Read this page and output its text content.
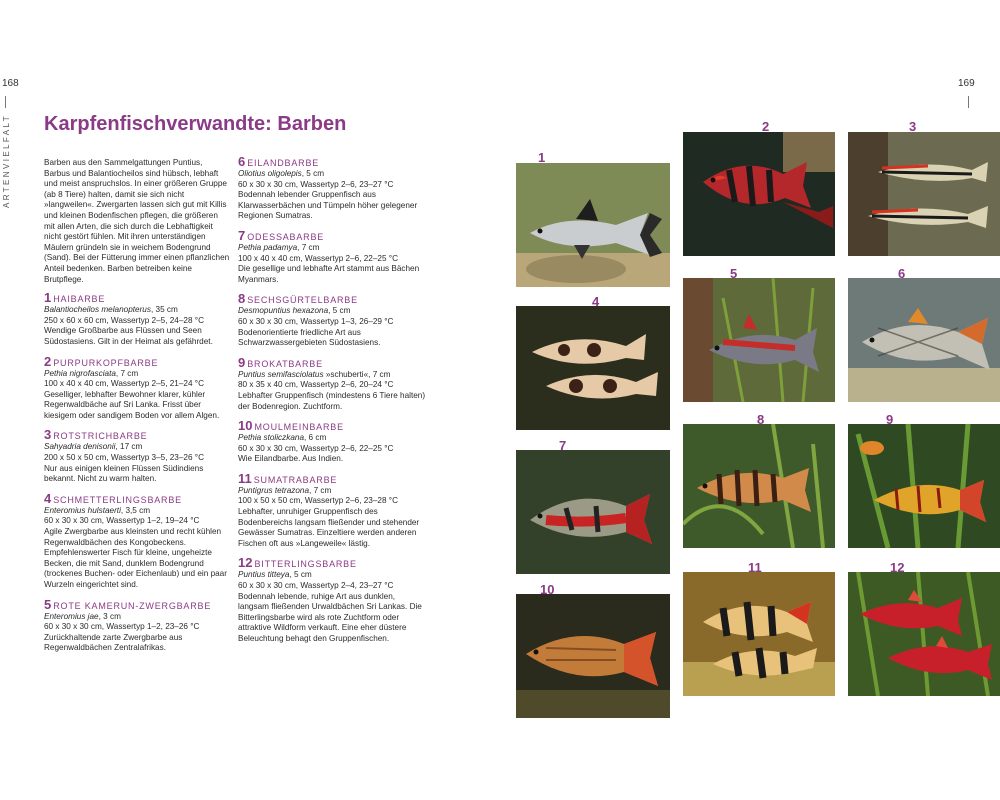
168	169
ARTENVIELFALT Karpfenfischverwandte: Barben

Barben aus den Sammelgattungen Puntius, Barbus und Balantiocheilos sind hübsch, lebhaft und meist anspruchslos. In einer größeren Gruppe (ab 8 Tiere) halten, damit sie sich nicht »langweilen«. Zwergarten lassen sich gut mit Killis und kleinen Bodenfischen pflegen, die größeren mit allen Arten, die sich durch die Lebhaftigkeit nicht gestört fühlen. Mit ihren unterständigen Mäulern gründeln sie in weichem Bodengrund (Sand). Bei der Fütterung immer einen pflanzlichen Anteil bedenken. Barben betreiben keine Brutpflege.

1 HAIBARBE
Balantiocheilos melanopterus, 35 cm
250 x 60 x 60 cm, Wassertyp 2–5, 24–28 °C
Wendige Großbarbe aus Flüssen und Seen Südostasiens. Gilt in der Heimat als gefährdet.
2 PURPURKOPFBARBE
Pethia nigrofasciata, 7 cm
100 x 40 x 40 cm, Wassertyp 2–5, 21–24 °C
Geselliger, lebhafter Bewohner klarer, kühler Regenwaldbäche auf Sri Lanka. Frisst über kiesigem oder sandigem Boden vor allem Algen.
3 ROTSTRICHBARBE
Sahyadria denisonii, 17 cm
200 x 50 x 50 cm, Wassertyp 3–5, 23–26 °C
Nur aus einigen kleinen Flüssen Südindiens bekannt. Nicht zu warm halten.
4 SCHMETTERLINGSBARBE
Enteromius hulstaerti, 3,5 cm
60 x 30 x 30 cm, Wassertyp 1–2, 19–24 °C
Agile Zwergbarbe aus kleinsten und recht kühlen Regenwaldbächen des Kongobeckens. Empfehlenswerter Fisch für kleine, ungeheizte Becken, die mit Sand, dunklem Bodengrund (trockenes Buchen- oder Eichenlaub) und ein paar Wurzeln eingerichtet sind.
5 ROTE KAMERUN-ZWERGBARBE
Enteromius jae, 3 cm
60 x 30 x 30 cm, Wassertyp 1–2, 23–26 °C
Zurückhaltende zarte Zwergbarbe aus Regenwaldbächen Zentralafrikas.
6 EILANDBARBE
Oliotius oligolepis, 5 cm
60 x 30 x 30 cm, Wassertyp 2–6, 23–27 °C
Bodennah lebender Gruppenfisch aus Klarwasserbächen und Tümpeln höher gelegener Regionen Sumatras.
7 ODESSABARBE
Pethia padamya, 7 cm
100 x 40 x 40 cm, Wassertyp 2–6, 22–25 °C
Die gesellige und lebhafte Art stammt aus Bächen Myanmars.
8 SECHSGÜRTELBARBE
Desmopuntius hexazona, 5 cm
60 x 30 x 30 cm, Wassertyp 1–3, 26–29 °C
Bodenorientierte friedliche Art aus Schwarzwassergebieten Südostasiens.
9 BROKATBARBE
Puntius semifasciolatus »schuberti«, 7 cm
80 x 35 x 40 cm, Wassertyp 2–6, 20–24 °C
Lebhafter Gruppenfisch (mindestens 6 Tiere halten) der Bodenregion. Zuchtform.
10 MOULMEINBARBE
Pethia stoliczkana, 6 cm
60 x 30 x 30 cm, Wassertyp 2–6, 22–25 °C
Wie Eilandbarbe. Aus Indien.
11 SUMATRABARBE
Puntigrus tetrazona, 7 cm
100 x 50 x 50 cm, Wassertyp 2–6, 23–28 °C
Lebhafter, unruhiger Gruppenfisch des Bodenbereichs langsam fließender und stehender Gewässer Sumatras. Einzeltiere werden anderen Fischen oft aus »Langeweile« lästig.
12 BITTERLINGSBARBE
Puntius titteya, 5 cm
60 x 30 x 30 cm, Wassertyp 2–4, 23–27 °C
Bodennah lebende, ruhige Art aus dunklen, langsam fließenden Urwaldbächen Sri Lankas. Die Bitterlingsbarbe wird als rote Zuchtform oder attraktive Wildform verkauft. Eine eher düstere Beleuchtung behagt den Gruppenfischen.
1
2	3
4
5	6
7
8	9
10
11	12
